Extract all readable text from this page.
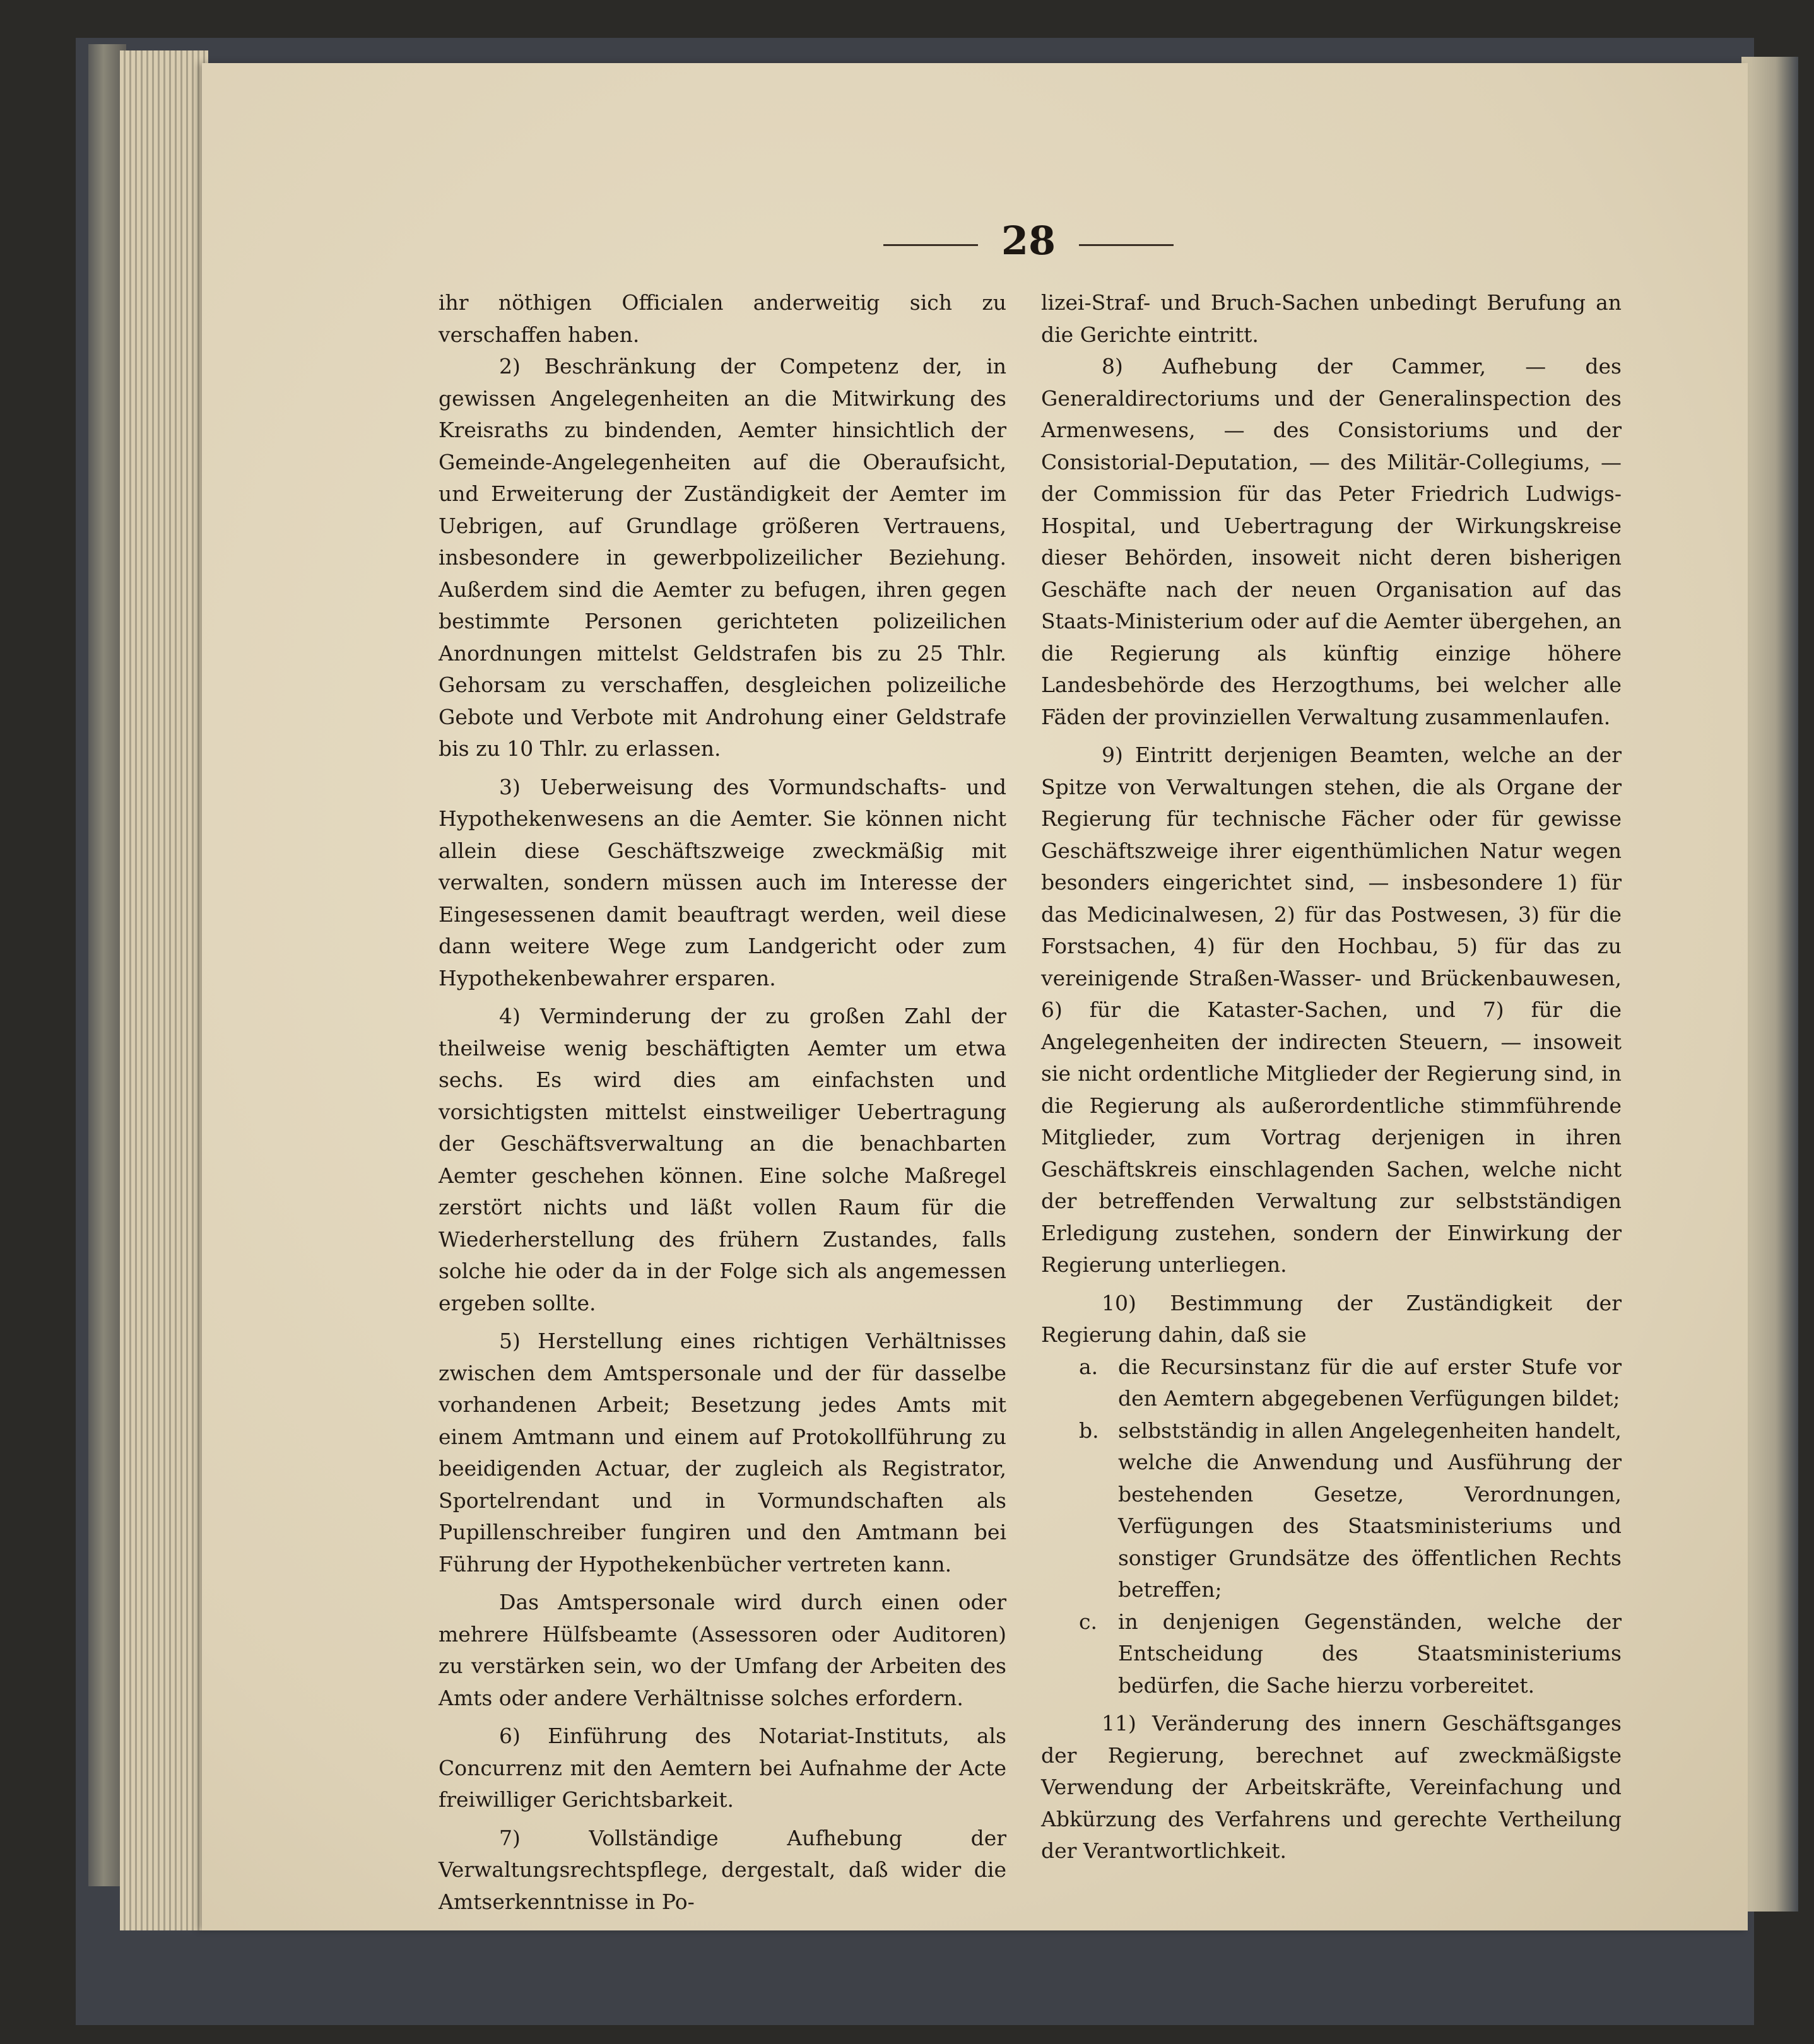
28

ihr nöthigen Officialen anderweitig sich zu verschaffen haben.

2) Beschränkung der Competenz der, in gewissen Angelegenheiten an die Mitwirkung des Kreisraths zu bindenden, Aemter hinsichtlich der Gemeinde-Angelegenheiten auf die Oberaufsicht, und Erweiterung der Zuständigkeit der Aemter im Uebrigen, auf Grundlage größeren Vertrauens, insbesondere in gewerbpolizeilicher Beziehung. Außerdem sind die Aemter zu befugen, ihren gegen bestimmte Personen gerichteten polizeilichen Anordnungen mittelst Geldstrafen bis zu 25 Thlr. Gehorsam zu verschaffen, desgleichen polizeiliche Gebote und Verbote mit Androhung einer Geldstrafe bis zu 10 Thlr. zu erlassen.

3) Ueberweisung des Vormundschafts- und Hypothekenwesens an die Aemter. Sie können nicht allein diese Geschäftszweige zweckmäßig mit verwalten, sondern müssen auch im Interesse der Eingesessenen damit beauftragt werden, weil diese dann weitere Wege zum Landgericht oder zum Hypothekenbewahrer ersparen.

4) Verminderung der zu großen Zahl der theilweise wenig beschäftigten Aemter um etwa sechs. Es wird dies am einfachsten und vorsichtigsten mittelst einstweiliger Uebertragung der Geschäftsverwaltung an die benachbarten Aemter geschehen können. Eine solche Maßregel zerstört nichts und läßt vollen Raum für die Wiederherstellung des frühern Zustandes, falls solche hie oder da in der Folge sich als angemessen ergeben sollte.

5) Herstellung eines richtigen Verhältnisses zwischen dem Amtspersonale und der für dasselbe vorhandenen Arbeit; Besetzung jedes Amts mit einem Amtmann und einem auf Protokollführung zu beeidigenden Actuar, der zugleich als Registrator, Sportelrendant und in Vormundschaften als Pupillenschreiber fungiren und den Amtmann bei Führung der Hypothekenbücher vertreten kann.

Das Amtspersonale wird durch einen oder mehrere Hülfsbeamte (Assessoren oder Auditoren) zu verstärken sein, wo der Umfang der Arbeiten des Amts oder andere Verhältnisse solches erfordern.

6) Einführung des Notariat-Instituts, als Concurrenz mit den Aemtern bei Aufnahme der Acte freiwilliger Gerichtsbarkeit.

7) Vollständige Aufhebung der Verwaltungsrechtspflege, dergestalt, daß wider die Amtserkenntnisse in Po-

lizei-Straf- und Bruch-Sachen unbedingt Berufung an die Gerichte eintritt.

8) Aufhebung der Cammer, — des Generaldirectoriums und der Generalinspection des Armenwesens, — des Consistoriums und der Consistorial-Deputation, — des Militär-Collegiums, — der Commission für das Peter Friedrich Ludwigs-Hospital, und Uebertragung der Wirkungskreise dieser Behörden, insoweit nicht deren bisherigen Geschäfte nach der neuen Organisation auf das Staats-Ministerium oder auf die Aemter übergehen, an die Regierung als künftig einzige höhere Landesbehörde des Herzogthums, bei welcher alle Fäden der provinziellen Verwaltung zusammenlaufen.

9) Eintritt derjenigen Beamten, welche an der Spitze von Verwaltungen stehen, die als Organe der Regierung für technische Fächer oder für gewisse Geschäftszweige ihrer eigenthümlichen Natur wegen besonders eingerichtet sind, — insbesondere 1) für das Medicinalwesen, 2) für das Postwesen, 3) für die Forstsachen, 4) für den Hochbau, 5) für das zu vereinigende Straßen-Wasser- und Brückenbauwesen, 6) für die Kataster-Sachen, und 7) für die Angelegenheiten der indirecten Steuern, — insoweit sie nicht ordentliche Mitglieder der Regierung sind, in die Regierung als außerordentliche stimmführende Mitglieder, zum Vortrag derjenigen in ihren Geschäftskreis einschlagenden Sachen, welche nicht der betreffenden Verwaltung zur selbstständigen Erledigung zustehen, sondern der Einwirkung der Regierung unterliegen.

10) Bestimmung der Zuständigkeit der Regierung dahin, daß sie

a. die Recursinstanz für die auf erster Stufe vor den Aemtern abgegebenen Verfügungen bildet;
b. selbstständig in allen Angelegenheiten handelt, welche die Anwendung und Ausführung der bestehenden Gesetze, Verordnungen, Verfügungen des Staatsministeriums und sonstiger Grundsätze des öffentlichen Rechts betreffen;
c.	in denjenigen Gegenständen, welche der Entscheidung des Staatsministeriums bedürfen, die Sache hierzu vorbereitet.

11) Veränderung des innern Geschäftsganges der Regierung, berechnet auf zweckmäßigste Verwendung der Arbeitskräfte, Vereinfachung und Abkürzung des Verfahrens und gerechte Vertheilung der Verantwortlichkeit.
